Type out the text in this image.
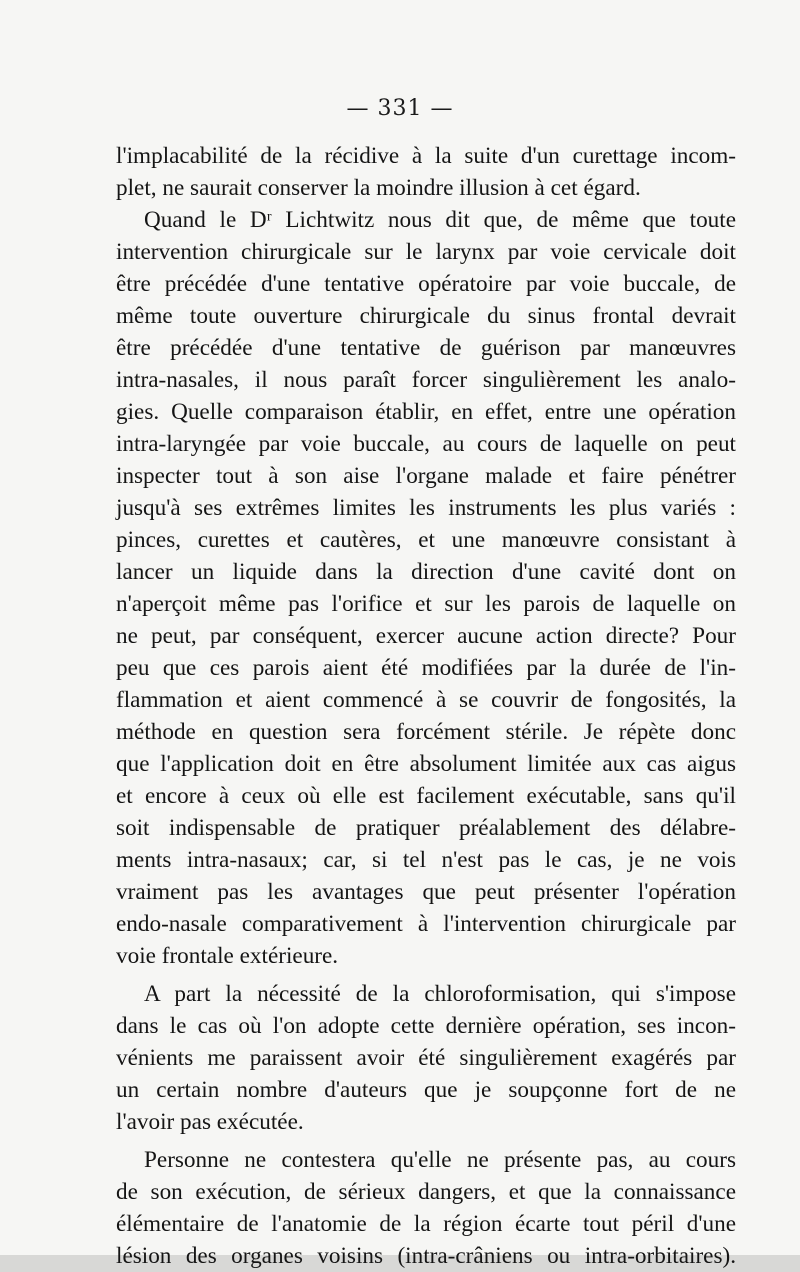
— 331 —
l'implacabilité de la récidive à la suite d'un curettage incom-
plet, ne saurait conserver la moindre illusion à cet égard.
Quand le Dʳ Lichtwitz nous dit que, de même que toute
intervention chirurgicale sur le larynx par voie cervicale doit
être précédée d'une tentative opératoire par voie buccale, de
même toute ouverture chirurgicale du sinus frontal devrait
être précédée d'une tentative de guérison par manœuvres
intra-nasales, il nous paraît forcer singulièrement les analo-
gies. Quelle comparaison établir, en effet, entre une opération
intra-laryngée par voie buccale, au cours de laquelle on peut
inspecter tout à son aise l'organe malade et faire pénétrer
jusqu'à ses extrêmes limites les instruments les plus variés :
pinces, curettes et cautères, et une manœuvre consistant à
lancer un liquide dans la direction d'une cavité dont on
n'aperçoit même pas l'orifice et sur les parois de laquelle on
ne peut, par conséquent, exercer aucune action directe? Pour
peu que ces parois aient été modifiées par la durée de l'in-
flammation et aient commencé à se couvrir de fongosités, la
méthode en question sera forcément stérile. Je répète donc
que l'application doit en être absolument limitée aux cas aigus
et encore à ceux où elle est facilement exécutable, sans qu'il
soit indispensable de pratiquer préalablement des délabre-
ments intra-nasaux; car, si tel n'est pas le cas, je ne vois
vraiment pas les avantages que peut présenter l'opération
endo-nasale comparativement à l'intervention chirurgicale par
voie frontale extérieure.
A part la nécessité de la chloroformisation, qui s'impose
dans le cas où l'on adopte cette dernière opération, ses incon-
vénients me paraissent avoir été singulièrement exagérés par
un certain nombre d'auteurs que je soupçonne fort de ne
l'avoir pas exécutée.
Personne ne contestera qu'elle ne présente pas, au cours
de son exécution, de sérieux dangers, et que la connaissance
élémentaire de l'anatomie de la région écarte tout péril d'une
lésion des organes voisins (intra-crâniens ou intra-orbitaires).
